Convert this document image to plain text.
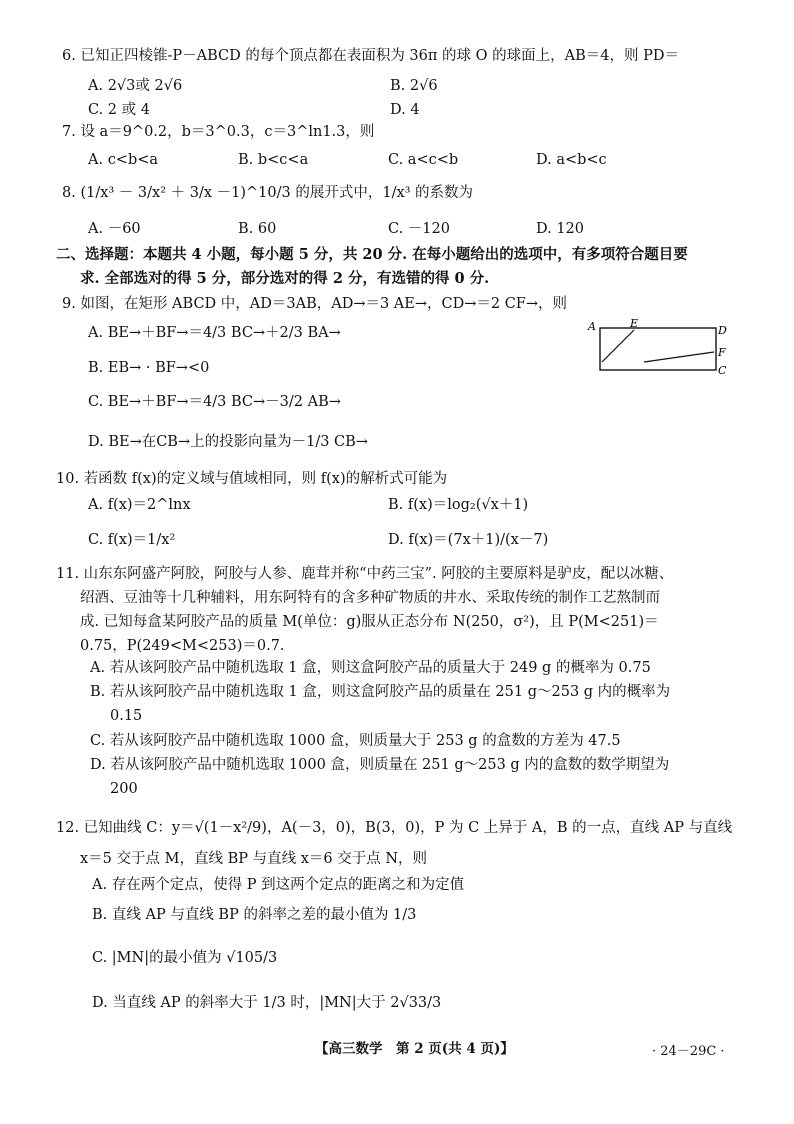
6. 已知正四棱锥-P－ABCD 的每个顶点都在表面积为 36π 的球 O 的球面上，AB＝4，则 PD＝
A. 2√3或 2√6	B. 2√6
C. 2 或 4	D. 4
7. 设 a＝9^0.2，b＝3^0.3，c＝3^ln1.3，则
A. c<b<a	B. b<c<a	C. a<c<b	D. a<b<c
8. (1/x³ － 3/x² ＋ 3/x －1)^10/3 的展开式中，1/x³ 的系数为
A. －60	B. 60	C. －120	D. 120
二、选择题：本题共 4 小题，每小题 5 分，共 20 分. 在每小题给出的选项中，有多项符合题目要
求. 全部选对的得 5 分，部分选对的得 2 分，有选错的得 0 分.
9. 如图，在矩形 ABCD 中，AD＝3AB，AD→＝3 AE→，CD→＝2 CF→，则
A. BE→＋BF→＝4/3 BC→＋2/3 BA→
B. EB→ · BF→<0
C. BE→＋BF→＝4/3 BC→－3/2 AB→
D. BE→在CB→上的投影向量为－1/3 CB→
A	E
D
F
C
10. 若函数 f(x)的定义域与值域相同，则 f(x)的解析式可能为
A. f(x)＝2^lnx	B. f(x)＝log₂(√x＋1)
C. f(x)＝1/x²	D. f(x)＝(7x＋1)/(x－7)
11. 山东东阿盛产阿胶，阿胶与人参、鹿茸并称“中药三宝”. 阿胶的主要原料是驴皮，配以冰糖、
绍酒、豆油等十几种辅料，用东阿特有的含多种矿物质的井水、采取传统的制作工艺熬制而
成. 已知每盒某阿胶产品的质量 M(单位：g)服从正态分布 N(250，σ²)，且 P(M<251)＝
0.75，P(249<M<253)＝0.7.
A. 若从该阿胶产品中随机选取 1 盒，则这盒阿胶产品的质量大于 249 g 的概率为 0.75
B. 若从该阿胶产品中随机选取 1 盒，则这盒阿胶产品的质量在 251 g～253 g 内的概率为
0.15
C. 若从该阿胶产品中随机选取 1000 盒，则质量大于 253 g 的盒数的方差为 47.5
D. 若从该阿胶产品中随机选取 1000 盒，则质量在 251 g～253 g 内的盒数的数学期望为
200
12. 已知曲线 C：y＝√(1－x²/9)，A(－3，0)，B(3，0)，P 为 C 上异于 A，B 的一点，直线 AP 与直线
x＝5 交于点 M，直线 BP 与直线 x＝6 交于点 N，则
A. 存在两个定点，使得 P 到这两个定点的距离之和为定值
B. 直线 AP 与直线 BP 的斜率之差的最小值为 1/3
C. |MN|的最小值为 √105/3
D. 当直线 AP 的斜率大于 1/3 时，|MN|大于 2√33/3
【高三数学　第 2 页(共 4 页)】	· 24－29C ·
